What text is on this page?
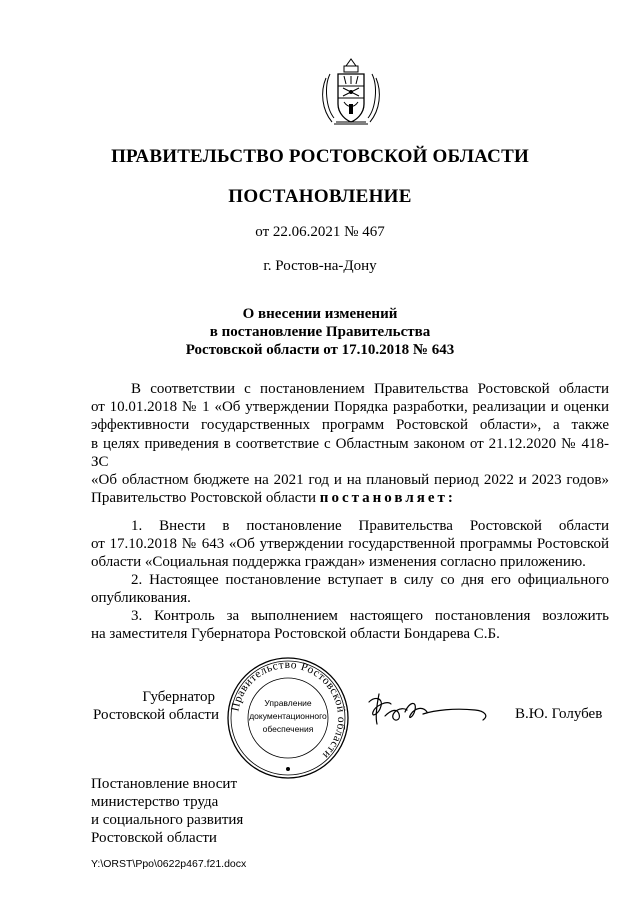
ПРАВИТЕЛЬСТВО РОСТОВСКОЙ ОБЛАСТИ
ПОСТАНОВЛЕНИЕ
от 22.06.2021 № 467
г. Ростов-на-Дону
О внесении изменений
в постановление Правительства
Ростовской области от 17.10.2018 № 643
В соответствии с постановлением Правительства Ростовской области
от 10.01.2018 № 1 «Об утверждении Порядка разработки, реализации и оценки
эффективности государственных программ Ростовской области», а также
в целях приведения в соответствие с Областным законом от 21.12.2020 № 418-ЗС
«Об областном бюджете на 2021 год и на плановый период 2022 и 2023 годов»
Правительство Ростовской области постановляет:
1. Внести в постановление Правительства Ростовской области
от 17.10.2018 № 643 «Об утверждении государственной программы Ростовской
области «Социальная поддержка граждан» изменения согласно приложению.
2. Настоящее постановление вступает в силу со дня его официального
опубликования.
3. Контроль за выполнением настоящего постановления возложить
на заместителя Губернатора Ростовской области Бондарева С.Б.
Губернатор
Ростовской области
Правительство Ростовской области
Управление
документационного
обеспечения
В.Ю. Голубев
Постановление вносит
министерство труда
и социального развития
Ростовской области
Y:\ORST\Ppo\0622p467.f21.docx
